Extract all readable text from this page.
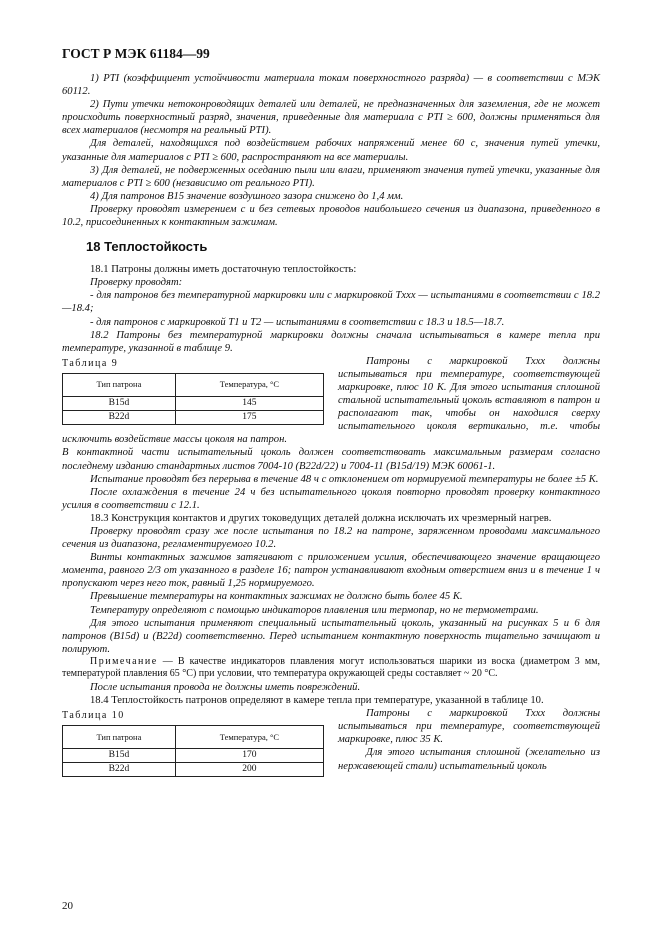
ГОСТ Р МЭК 61184—99

1) PTI (коэффициент устойчивости материала токам поверхностного разряда) — в соответствии с МЭК 60112.

2) Пути утечки нетоконроводящих деталей или деталей, не предназначенных для заземления, где не может происходить поверхностный разряд, значения, приведенные для материала с PTI ≥ 600, должны применяться для всех материалов (несмотря на реальный PTI).

Для деталей, находящихся под воздействием рабочих напряжений менее 60 с, значения путей утечки, указанные для материалов с PTI ≥ 600, распространяют на все материалы.

3) Для деталей, не подверженных оседанию пыли или влаги, применяют значения путей утечки, указанные для материалов с PTI ≥ 600 (независимо от реального PTI).

4) Для патронов B15 значение воздушного зазора снижено до 1,4 мм.

Проверку проводят измерением с и без сетевых проводов наибольшего сечения из диапазона, приведенного в 10.2, присоединенных к контактным зажимам.

18 Теплостойкость

18.1 Патроны должны иметь достаточную теплостойкость:

Проверку проводят:

- для патронов без температурной маркировки или с маркировкой Tххх — испытаниями в соответствии с 18.2—18.4;

- для патронов с маркировкой T1 и T2 — испытаниями в соответствии с 18.3 и 18.5—18.7.

18.2 Патроны без температурной маркировки должны сначала испытываться в камере тепла при температуре, указанной в таблице 9.

Таблица 9
Тип патрона	Температура, °С
B15d	145
B22d	175

Патроны с маркировкой Tххх должны испытываться при температуре, соответствующей маркировке, плюс 10 К. Для этого испытания сплошной стальной испытательный цоколь вставляют в патрон и располагают так, чтобы он находился сверху испытательного цоколя вертикально, т.е. чтобы исключить воздействие массы цоколя на патрон.

В контактной части испытательный цоколь должен соответствовать максимальным размерам согласно последнему изданию стандартных листов 7004-10 (B22d/22) и 7004-11 (B15d/19) МЭК 60061-1.

Испытание проводят без перерыва в течение 48 ч с отклонением от нормируемой температуры не более ±5 К.

После охлаждения в течение 24 ч без испытательного цоколя повторно проводят проверку контактного усилия в соответствии с 12.1.

18.3 Конструкция контактов и других токоведущих деталей должна исключать их чрезмерный нагрев.

Проверку проводят сразу же после испытания по 18.2 на патроне, заряженном проводами максимального сечения из диапазона, регламентируемого 10.2.

Винты контактных зажимов затягивают с приложением усилия, обеспечивающего значение вращающего момента, равного 2/3 от указанного в разделе 16; патрон устанавливают входным отверстием вниз и в течение 1 ч пропускают через него ток, равный 1,25 нормируемого.

Превышение температуры на контактных зажимах не должно быть более 45 К.

Температуру определяют с помощью индикаторов плавления или термопар, но не термометрами.

Для этого испытания применяют специальный испытательный цоколь, указанный на рисунках 5 и 6 для патронов (B15d) и (B22d) соответственно. Перед испытанием контактную поверхность тщательно зачищают и полируют.

Примечание — В качестве индикаторов плавления могут использоваться шарики из воска (диаметром 3 мм, температурой плавления 65 °С) при условии, что температура окружающей среды составляет ~ 20 °С.

После испытания провода не должны иметь повреждений.

18.4 Теплостойкость патронов определяют в камере тепла при температуре, указанной в таблице 10.

Таблица 10
Тип патрона	Температура, °С
B15d	170
B22d	200

Патроны с маркировкой Tххх должны испытываться при температуре, соответствующей маркировке, плюс 35 К.

Для этого испытания сплошной (желательно из нержавеющей стали) испытательный цоколь

20
